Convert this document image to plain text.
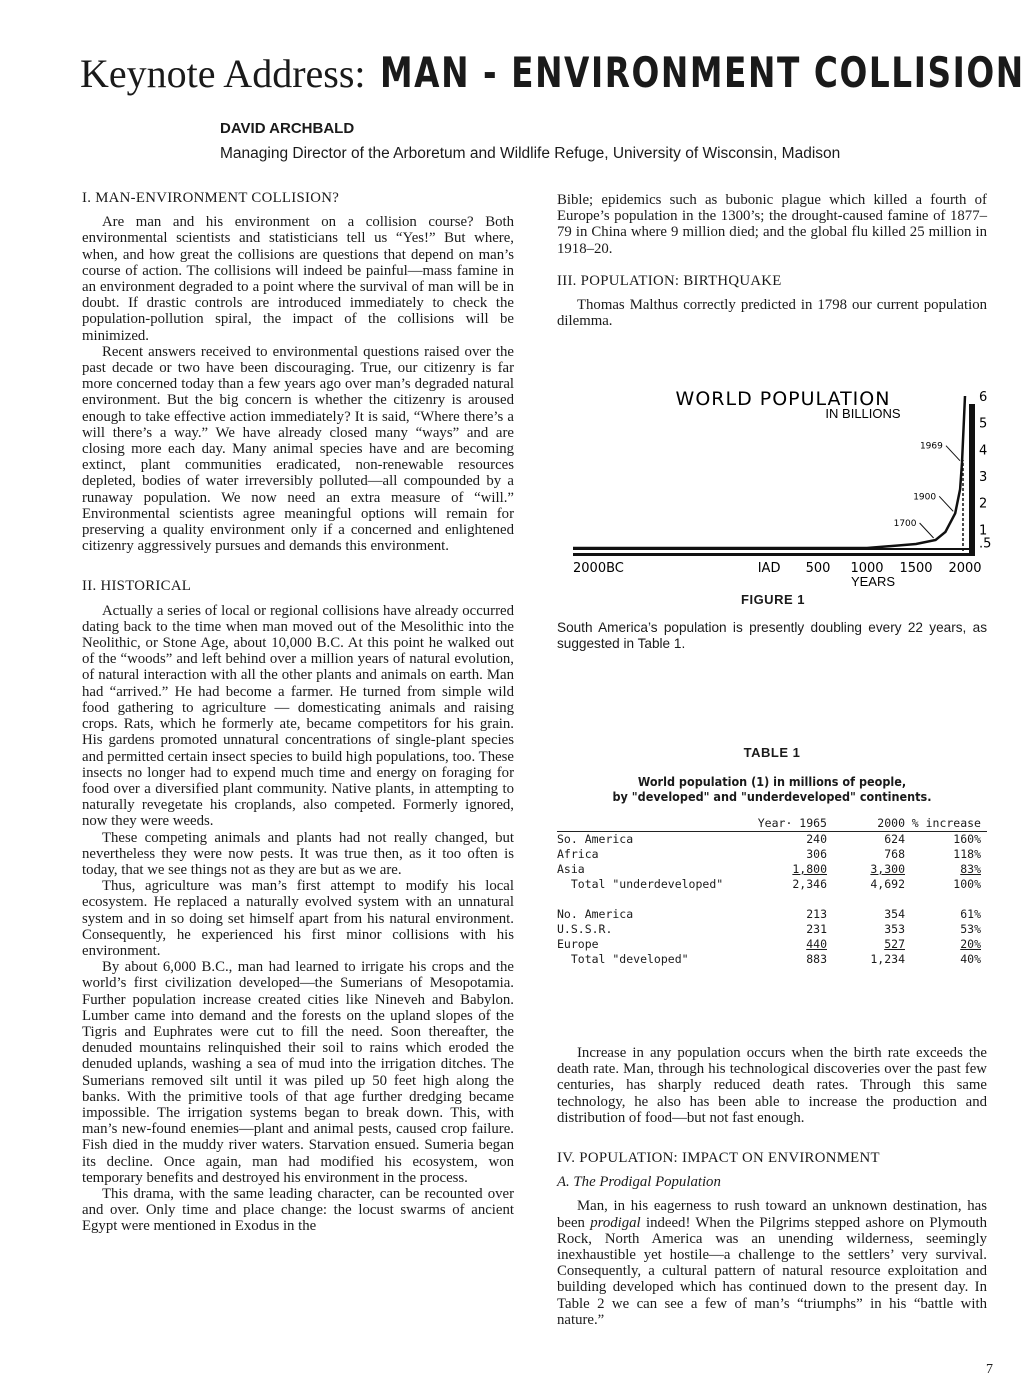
Keynote Address: MAN - ENVIRONMENT COLLISION
DAVID ARCHBALD
Managing Director of the Arboretum and Wildlife Refuge, University of Wisconsin, Madison
I. MAN-ENVIRONMENT COLLISION?

Are man and his environment on a collision course? Both environmental scientists and statisticians tell us “Yes!” But where, when, and how great the collisions are questions that depend on man’s course of action. The collisions will indeed be painful—mass famine in an environment degraded to a point where the survival of man will be in doubt. If drastic controls are introduced immediately to check the population-pollution spiral, the impact of the collisions will be minimized.

Recent answers received to environmental questions raised over the past decade or two have been discouraging. True, our citizenry is far more concerned today than a few years ago over man’s degraded natural environment. But the big concern is whether the citizenry is aroused enough to take effective action immediately? It is said, “Where there’s a will there’s a way.” We have already closed many “ways” and are closing more each day. Many animal species have and are becoming extinct, plant communities eradicated, non-renewable resources depleted, bodies of water irreversibly polluted—all compounded by a runaway population. We now need an extra measure of “will.” Environmental scientists agree meaningful options will remain for preserving a quality environment only if a concerned and enlightened citizenry aggressively pursues and demands this environment.

II. HISTORICAL

Actually a series of local or regional collisions have already occurred dating back to the time when man moved out of the Mesolithic into the Neolithic, or Stone Age, about 10,000 B.C. At this point he walked out of the “woods” and left behind over a million years of natural evolution, of natural interaction with all the other plants and animals on earth. Man had “arrived.” He had become a farmer. He turned from simple wild food gathering to agriculture — domesticating animals and raising crops. Rats, which he formerly ate, became competitors for his grain. His gardens promoted unnatural concentrations of single-plant species and permitted certain insect species to build high populations, too. These insects no longer had to expend much time and energy on foraging for food over a diversified plant community. Native plants, in attempting to naturally revegetate his croplands, also competed. Formerly ignored, now they were weeds.

These competing animals and plants had not really changed, but nevertheless they were now pests. It was true then, as it too often is today, that we see things not as they are but as we are.

Thus, agriculture was man’s first attempt to modify his local ecosystem. He replaced a naturally evolved system with an unnatural system and in so doing set himself apart from his natural environment. Consequently, he experienced his first minor collisions with his environment.

By about 6,000 B.C., man had learned to irrigate his crops and the world’s first civilization developed—the Sumerians of Mesopotamia. Further population increase created cities like Nineveh and Babylon. Lumber came into demand and the forests on the upland slopes of the Tigris and Euphrates were cut to fill the need. Soon thereafter, the denuded mountains relinquished their soil to rains which eroded the denuded uplands, washing a sea of mud into the irrigation ditches. The Sumerians removed silt until it was piled up 50 feet high along the banks. With the primitive tools of that age further dredging became impossible. The irrigation systems began to break down. This, with man’s new-found enemies—plant and animal pests, caused crop failure. Fish died in the muddy river waters. Starvation ensued. Sumeria began its decline. Once again, man had modified his ecosystem, won temporary benefits and destroyed his environment in the process.

This drama, with the same leading character, can be recounted over and over. Only time and place change: the locust swarms of ancient Egypt were mentioned in Exodus in the

Bible; epidemics such as bubonic plague which killed a fourth of Europe’s population in the 1300’s; the drought-caused famine of 1877–79 in China where 9 million died; and the global flu killed 25 million in 1918–20.

III. POPULATION: BIRTHQUAKE

Thomas Malthus correctly predicted in 1798 our current population dilemma.

WORLD POPULATION
IN BILLIONS
YEARS
2000BC	IAD 500 1000 1500 2000
.5
1
2
3
4
5
6
1700
1900
1969
FIGURE 1
South America’s population is presently doubling every 22 years, as suggested in Table 1.
TABLE 1
World population (1) in millions of people,
by "developed" and "underdeveloped" continents.
	Year· 1965	2000	% increase
So. America	240	624	160%
Africa	306	768	118%
Asia	1,800	3,300	83%
Total "underdeveloped"	2,346	4,692	100%

No. America	213	354	61%
U.S.S.R.	231	353	53%
Europe	440	527	20%
Total "developed"	883	1,234	40%

Increase in any population occurs when the birth rate exceeds the death rate. Man, through his technological discoveries over the past few centuries, has sharply reduced death rates. Through this same technology, he also has been able to increase the production and distribution of food—but not fast enough.

IV. POPULATION: IMPACT ON ENVIRONMENT
A. The Prodigal Population

Man, in his eagerness to rush toward an unknown destination, has been prodigal indeed! When the Pilgrims stepped ashore on Plymouth Rock, North America was an unending wilderness, seemingly inexhaustible yet hostile—a challenge to the settlers’ very survival. Consequently, a cultural pattern of natural resource exploitation and building developed which has continued down to the present day. In Table 2 we can see a few of man’s “triumphs” in his “battle with nature.”

7
